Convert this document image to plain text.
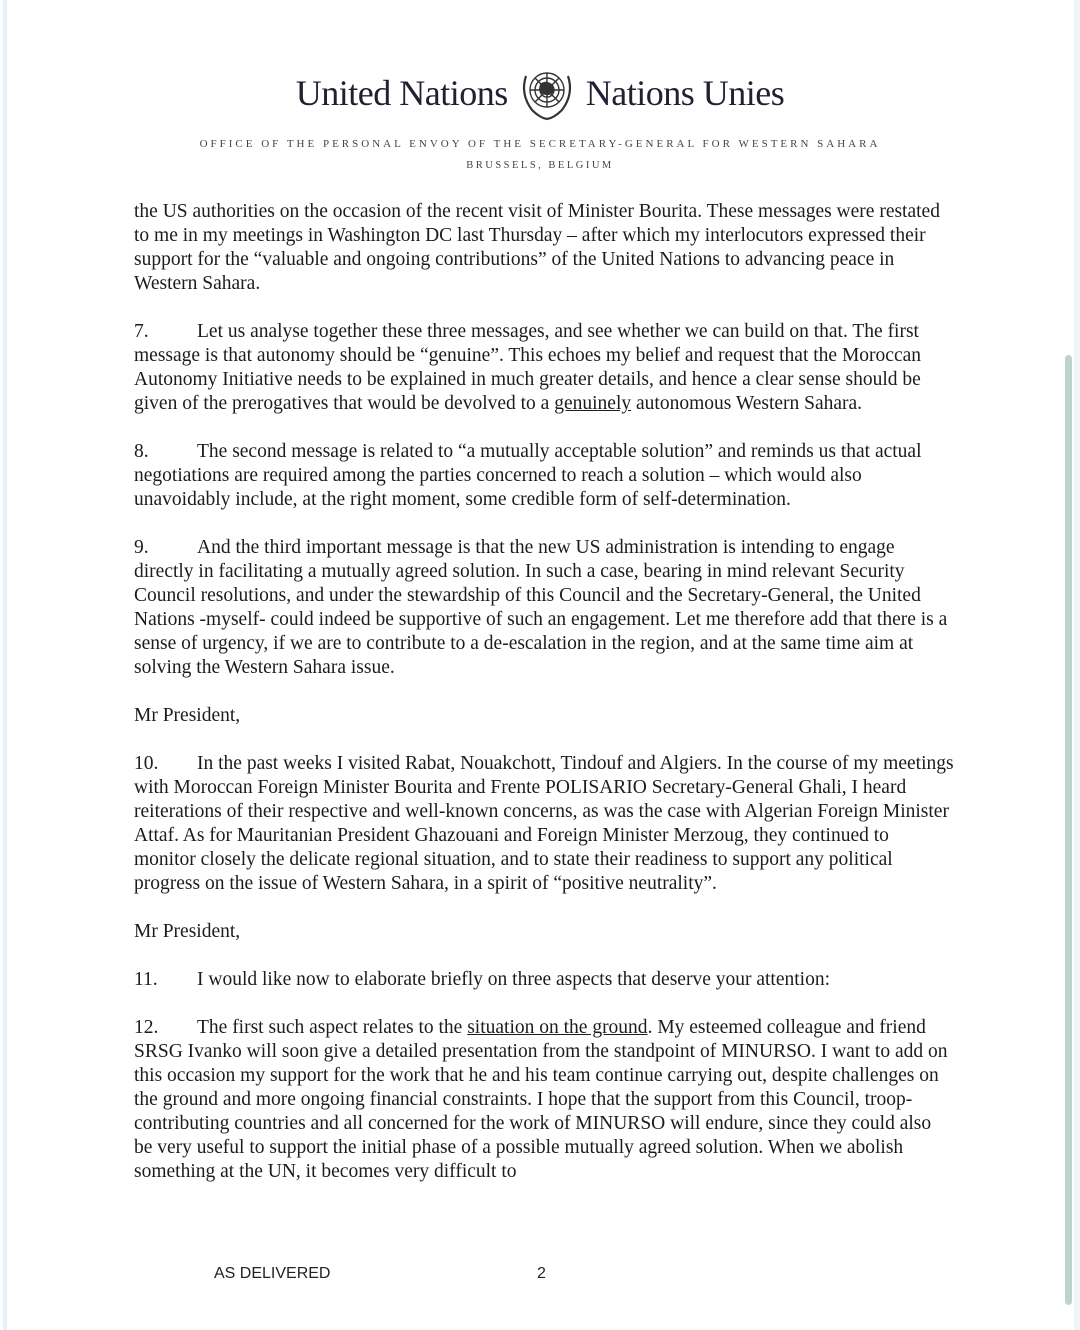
United Nations Nations Unies
OFFICE OF THE PERSONAL ENVOY OF THE SECRETARY-GENERAL FOR WESTERN SAHARA
BRUSSELS, BELGIUM

the US authorities on the occasion of the recent visit of Minister Bourita. These messages were restated to me in my meetings in Washington DC last Thursday – after which my interlocutors expressed their support for the “valuable and ongoing contributions” of the United Nations to advancing peace in Western Sahara.

7. Let us analyse together these three messages, and see whether we can build on that. The first message is that autonomy should be “genuine”. This echoes my belief and request that the Moroccan Autonomy Initiative needs to be explained in much greater details, and hence a clear sense should be given of the prerogatives that would be devolved to a genuinely autonomous Western Sahara.

8. The second message is related to “a mutually acceptable solution” and reminds us that actual negotiations are required among the parties concerned to reach a solution – which would also unavoidably include, at the right moment, some credible form of self-determination.

9. And the third important message is that the new US administration is intending to engage directly in facilitating a mutually agreed solution. In such a case, bearing in mind relevant Security Council resolutions, and under the stewardship of this Council and the Secretary-General, the United Nations -myself- could indeed be supportive of such an engagement. Let me therefore add that there is a sense of urgency, if we are to contribute to a de-escalation in the region, and at the same time aim at solving the Western Sahara issue.

Mr President,

10. In the past weeks I visited Rabat, Nouakchott, Tindouf and Algiers. In the course of my meetings with Moroccan Foreign Minister Bourita and Frente POLISARIO Secretary-General Ghali, I heard reiterations of their respective and well-known concerns, as was the case with Algerian Foreign Minister Attaf. As for Mauritanian President Ghazouani and Foreign Minister Merzoug, they continued to monitor closely the delicate regional situation, and to state their readiness to support any political progress on the issue of Western Sahara, in a spirit of “positive neutrality”.

Mr President,

11. I would like now to elaborate briefly on three aspects that deserve your attention:

12. The first such aspect relates to the situation on the ground. My esteemed colleague and friend SRSG Ivanko will soon give a detailed presentation from the standpoint of MINURSO. I want to add on this occasion my support for the work that he and his team continue carrying out, despite challenges on the ground and more ongoing financial constraints. I hope that the support from this Council, troop-contributing countries and all concerned for the work of MINURSO will endure, since they could also be very useful to support the initial phase of a possible mutually agreed solution. When we abolish something at the UN, it becomes very difficult to

AS DELIVERED	2
